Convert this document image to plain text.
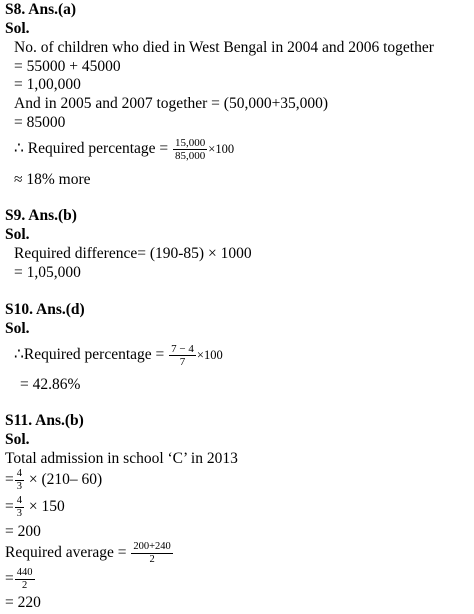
S8. Ans.(a)
Sol.
No. of children who died in West Bengal in 2004 and 2006 together
= 55000 + 45000
= 1,00,000
And in 2005 and 2007 together = (50,000+35,000)
= 85000
∴ Required percentage = $\frac{15,000}{85,000} \times 100$
≈ 18% more
S9. Ans.(b)
Sol.
Required difference= (190-85) × 1000
= 1,05,000
S10. Ans.(d)
Sol.
∴Required percentage = $\frac{7 - 4}{7} \times 100$
= 42.86%
S11. Ans.(b)
Sol.
Total admission in school ‘C’ in 2013
= $\frac{4}{3} \times (210-$ 60)
= $\frac{4}{3} \times 150$
= 200
Required average = $\frac{200+240}{2}$
= $\frac{440}{2}$
= 220
